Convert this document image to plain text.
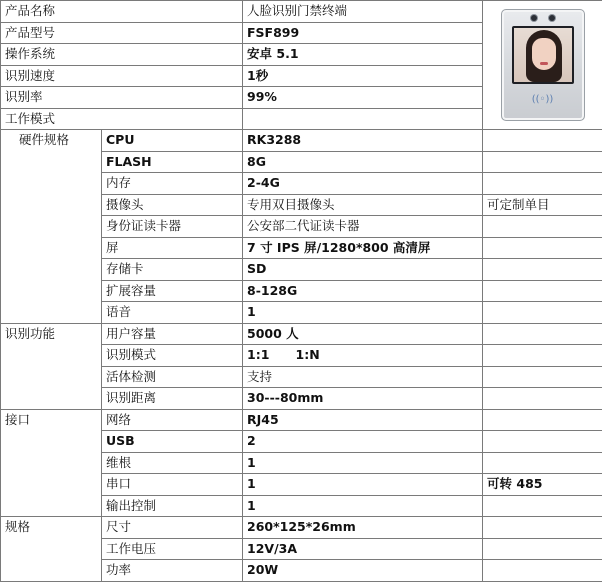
产品名称		人脸识别门禁终端	((◦))

产品型号		FSF899	
操作系统		安卓 5.1	
识别速度		1秒	
识别率		99%	
工作模式			
硬件规格	CPU	RK3288	
	FLASH	8G	
	内存	2-4G	
	摄像头	专用双目摄像头	可定制单目
	身份证读卡器	公安部二代证读卡器	
	屏	7 寸 IPS 屏/1280*800 高清屏	
	存储卡	SD	
	扩展容量	8-128G	
	语音	1	
识别功能	用户容量	5000 人	
	识别模式	1:1      1:N	
	活体检测	支持	
	识别距离	30---80mm	
接口	网络	RJ45	
	USB	2	
	维根	1	
	串口	1	可转 485
	输出控制	1	
规格	尺寸	260*125*26mm	
	工作电压	12V/3A	
	功率	20W	
